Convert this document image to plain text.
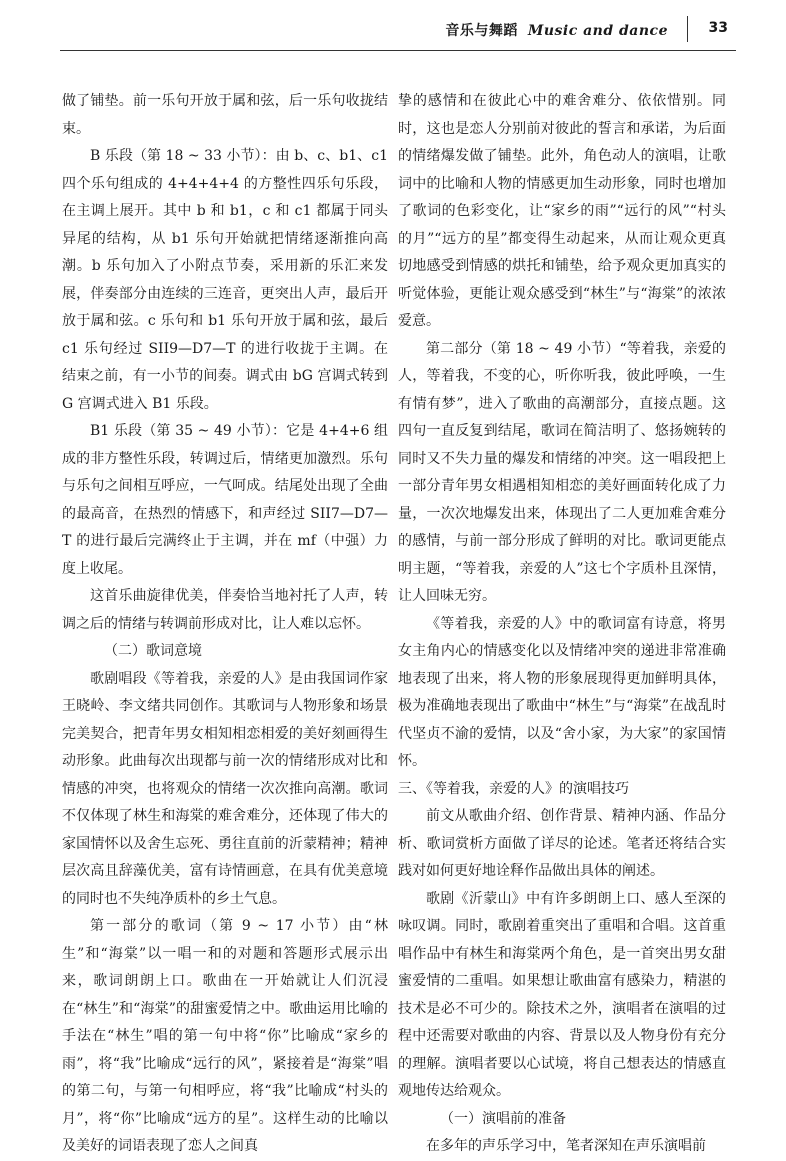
音乐与舞蹈 Music and dance	33

做了铺垫。前一乐句开放于属和弦，后一乐句收拢结束。

B 乐段（第 18 ~ 33 小节）：由 b、c、b1、c1 四个乐句组成的 4+4+4+4 的方整性四乐句乐段，在主调上展开。其中 b 和 b1，c 和 c1 都属于同头异尾的结构，从 b1 乐句开始就把情绪逐渐推向高潮。b 乐句加入了小附点节奏，采用新的乐汇来发展，伴奏部分由连续的三连音，更突出人声，最后开放于属和弦。c 乐句和 b1 乐句开放于属和弦，最后 c1 乐句经过 SII9—D7—T 的进行收拢于主调。在结束之前，有一小节的间奏。调式由 bG 宫调式转到 G 宫调式进入 B1 乐段。

B1 乐段（第 35 ~ 49 小节）：它是 4+4+6 组成的非方整性乐段，转调过后，情绪更加激烈。乐句与乐句之间相互呼应，一气呵成。结尾处出现了全曲的最高音，在热烈的情感下，和声经过 SII7—D7—T 的进行最后完满终止于主调，并在 mf（中强）力度上收尾。

这首乐曲旋律优美，伴奏恰当地衬托了人声，转调之后的情绪与转调前形成对比，让人难以忘怀。

（二）歌词意境

歌剧唱段《等着我，亲爱的人》是由我国词作家王晓岭、李文绪共同创作。其歌词与人物形象和场景完美契合，把青年男女相知相恋相爱的美好刻画得生动形象。此曲每次出现都与前一次的情绪形成对比和情感的冲突，也将观众的情绪一次次推向高潮。歌词不仅体现了林生和海棠的难舍难分，还体现了伟大的家国情怀以及舍生忘死、勇往直前的沂蒙精神；精神层次高且辞藻优美，富有诗情画意，在具有优美意境的同时也不失纯净质朴的乡土气息。

第一部分的歌词（第 9 ~ 17 小节）由“林生”和“海棠”以一唱一和的对题和答题形式展示出来，歌词朗朗上口。歌曲在一开始就让人们沉浸在“林生”和“海棠”的甜蜜爱情之中。歌曲运用比喻的手法在“林生”唱的第一句中将“你”比喻成“家乡的雨”，将“我”比喻成“远行的风”，紧接着是“海棠”唱的第二句，与第一句相呼应，将“我”比喻成“村头的月”，将“你”比喻成“远方的星”。这样生动的比喻以及美好的词语表现了恋人之间真

挚的感情和在彼此心中的难舍难分、依依惜别。同时，这也是恋人分别前对彼此的誓言和承诺，为后面的情绪爆发做了铺垫。此外，角色动人的演唱，让歌词中的比喻和人物的情感更加生动形象，同时也增加了歌词的色彩变化，让“家乡的雨”“远行的风”“村头的月”“远方的星”都变得生动起来，从而让观众更真切地感受到情感的烘托和铺垫，给予观众更加真实的听觉体验，更能让观众感受到“林生”与“海棠”的浓浓爱意。

第二部分（第 18 ~ 49 小节）“等着我，亲爱的人，等着我，不变的心，听你听我，彼此呼唤，一生有情有梦”，进入了歌曲的高潮部分，直接点题。这四句一直反复到结尾，歌词在简洁明了、悠扬婉转的同时又不失力量的爆发和情绪的冲突。这一唱段把上一部分青年男女相遇相知相恋的美好画面转化成了力量，一次次地爆发出来，体现出了二人更加难舍难分的感情，与前一部分形成了鲜明的对比。歌词更能点明主题，“等着我，亲爱的人”这七个字质朴且深情，让人回味无穷。

《等着我，亲爱的人》中的歌词富有诗意，将男女主角内心的情感变化以及情绪冲突的递进非常准确地表现了出来，将人物的形象展现得更加鲜明具体，极为准确地表现出了歌曲中“林生”与“海棠”在战乱时代坚贞不渝的爱情，以及“舍小家，为大家”的家国情怀。

三、《等着我，亲爱的人》的演唱技巧

前文从歌曲介绍、创作背景、精神内涵、作品分析、歌词赏析方面做了详尽的论述。笔者还将结合实践对如何更好地诠释作品做出具体的阐述。

歌剧《沂蒙山》中有许多朗朗上口、感人至深的咏叹调。同时，歌剧着重突出了重唱和合唱。这首重唱作品中有林生和海棠两个角色，是一首突出男女甜蜜爱情的二重唱。如果想让歌曲富有感染力，精湛的技术是必不可少的。除技术之外，演唱者在演唱的过程中还需要对歌曲的内容、背景以及人物身份有充分的理解。演唱者要以心试境，将自己想表达的情感直观地传达给观众。

（一）演唱前的准备

在多年的声乐学习中，笔者深知在声乐演唱前
